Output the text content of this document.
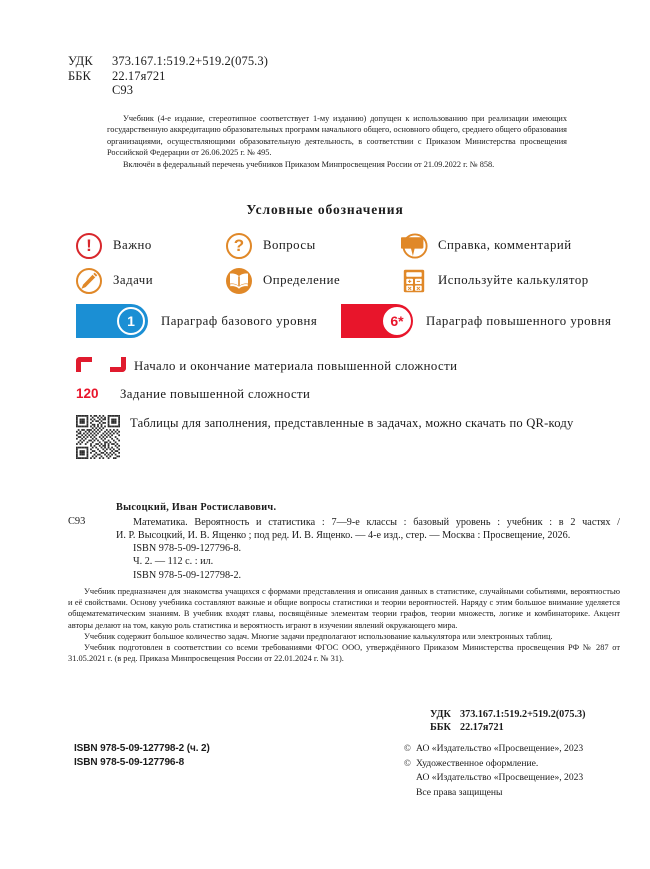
УДК 373.167.1:519.2+519.2(075.3)
ББК 22.17я721
С93

Учебник (4-е издание, стереотипное соответствует 1-му изданию) допущен к использованию при реализации имеющих государственную аккредитацию образовательных программ начального общего, основного общего, среднего общего образования организациями, осуществляющими образовательную деятельность, в соответствии с Приказом Министерства просвещения Российской Федерации от 26.06.2025 г. № 495.

Включён в федеральный перечень учебников Приказом Минпросвещения России от 21.09.2022 г. № 858.

Условные обозначения
!	Важно	?	Вопросы	Справка, комментарий
Задачи	Определение	Используйте калькулятор
1	Параграф базового уровня	6*	Параграф повышенного уровня
Начало и окончание материала повышенной сложности
120	Задание повышенной сложности
Таблицы для заполнения, представленные в задачах, можно скачать по QR-коду
С93
Высоцкий, Иван Ростиславович.
Математика. Вероятность и статистика : 7—9-е классы : базовый уровень : учебник : в 2 частях / И. Р. Высоцкий, И. В. Ященко ; под ред. И. В. Ященко. — 4-е изд., стер. — Москва : Просвещение, 2026.
ISBN 978-5-09-127796-8.
Ч. 2. — 112 с. : ил.
ISBN 978-5-09-127798-2.

Учебник предназначен для знакомства учащихся с формами представления и описания данных в статистике, случайными событиями, вероятностью и её свойствами. Основу учебника составляют важные и общие вопросы статистики и теории вероятностей. Наряду с этим большое внимание уделяется общематематическим знаниям. В учебник входят главы, посвящённые элементам теории графов, теории множеств, логике и комбинаторике. Акцент авторы делают на том, какую роль статистика и вероятность играют в изучении явлений окружающего мира.

Учебник содержит большое количество задач. Многие задачи предполагают использование калькулятора или электронных таблиц.

Учебник подготовлен в соответствии со всеми требованиями ФГОС ООО, утверждённого Приказом Министерства просвещения РФ № 287 от 31.05.2021 г. (в ред. Приказа Минпросвещения России от 22.01.2024 г. № 31).

УДК 373.167.1:519.2+519.2(075.3)
ББК 22.17я721
ISBN 978-5-09-127798-2 (ч. 2)
ISBN 978-5-09-127796-8
© АО «Издательство «Просвещение», 2023
© Художественное оформление.
АО «Издательство «Просвещение», 2023
Все права защищены
